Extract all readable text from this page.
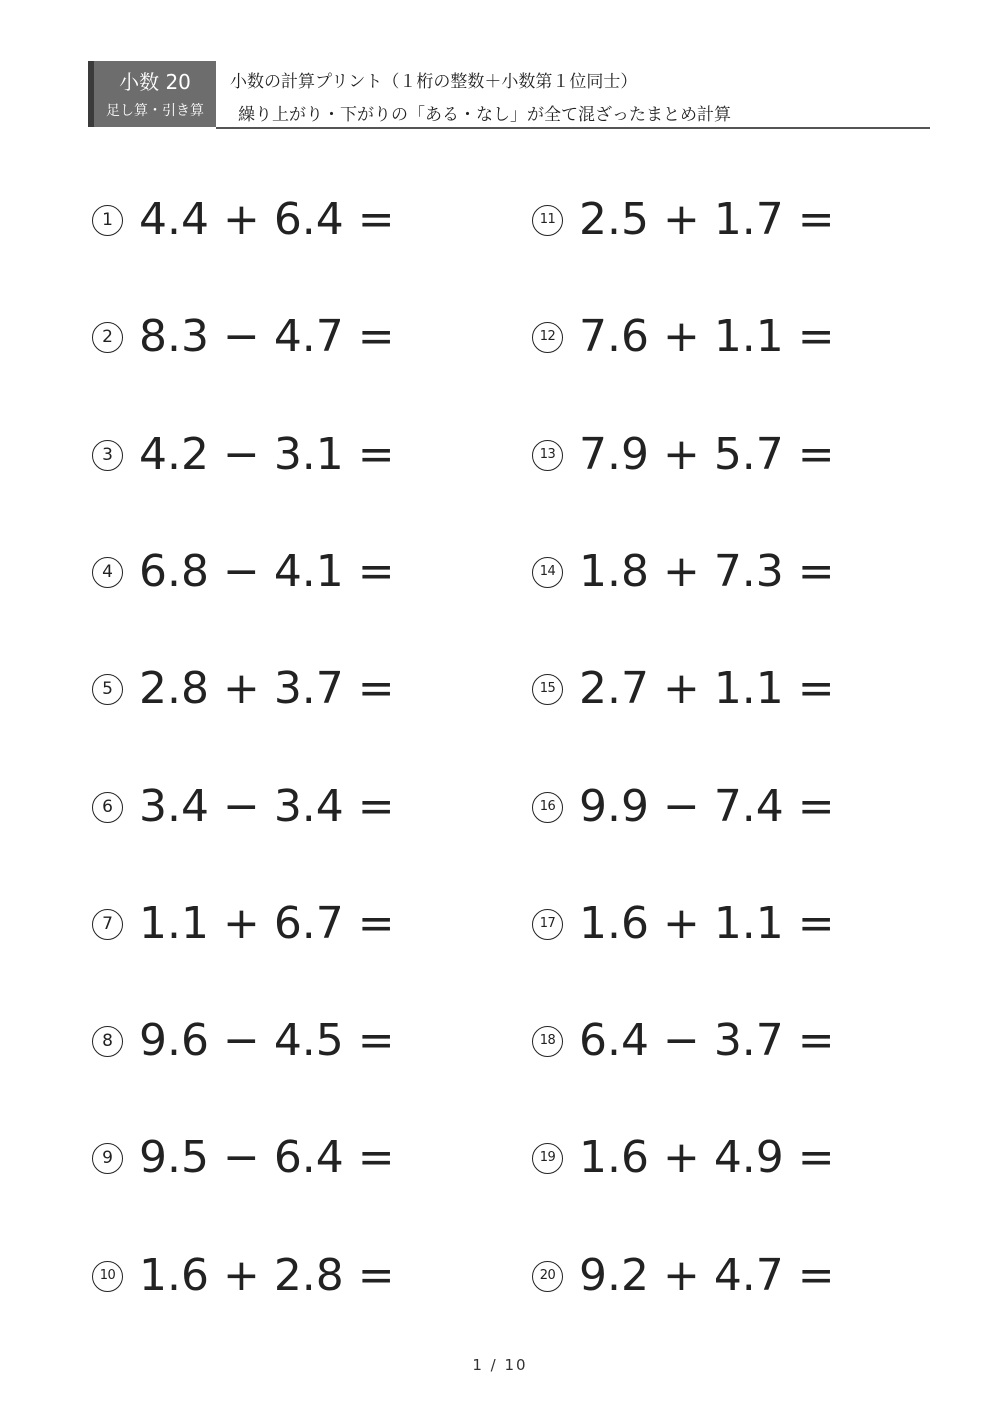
小数 20
足し算・引き算
小数の計算プリント（１桁の整数＋小数第１位同士）
繰り上がり・下がりの「ある・なし」が全て混ざったまとめ計算
1 4.4 + 6.4 =
2 8.3 − 4.7 =
3 4.2 − 3.1 =
4 6.8 − 4.1 =
5 2.8 + 3.7 =
6 3.4 − 3.4 =
7 1.1 + 6.7 =
8 9.6 − 4.5 =
9 9.5 − 6.4 =
10 1.6 + 2.8 =
11 2.5 + 1.7 =
12 7.6 + 1.1 =
13 7.9 + 5.7 =
14 1.8 + 7.3 =
15 2.7 + 1.1 =
16 9.9 − 7.4 =
17 1.6 + 1.1 =
18 6.4 − 3.7 =
19 1.6 + 4.9 =
20 9.2 + 4.7 =
1 / 10
